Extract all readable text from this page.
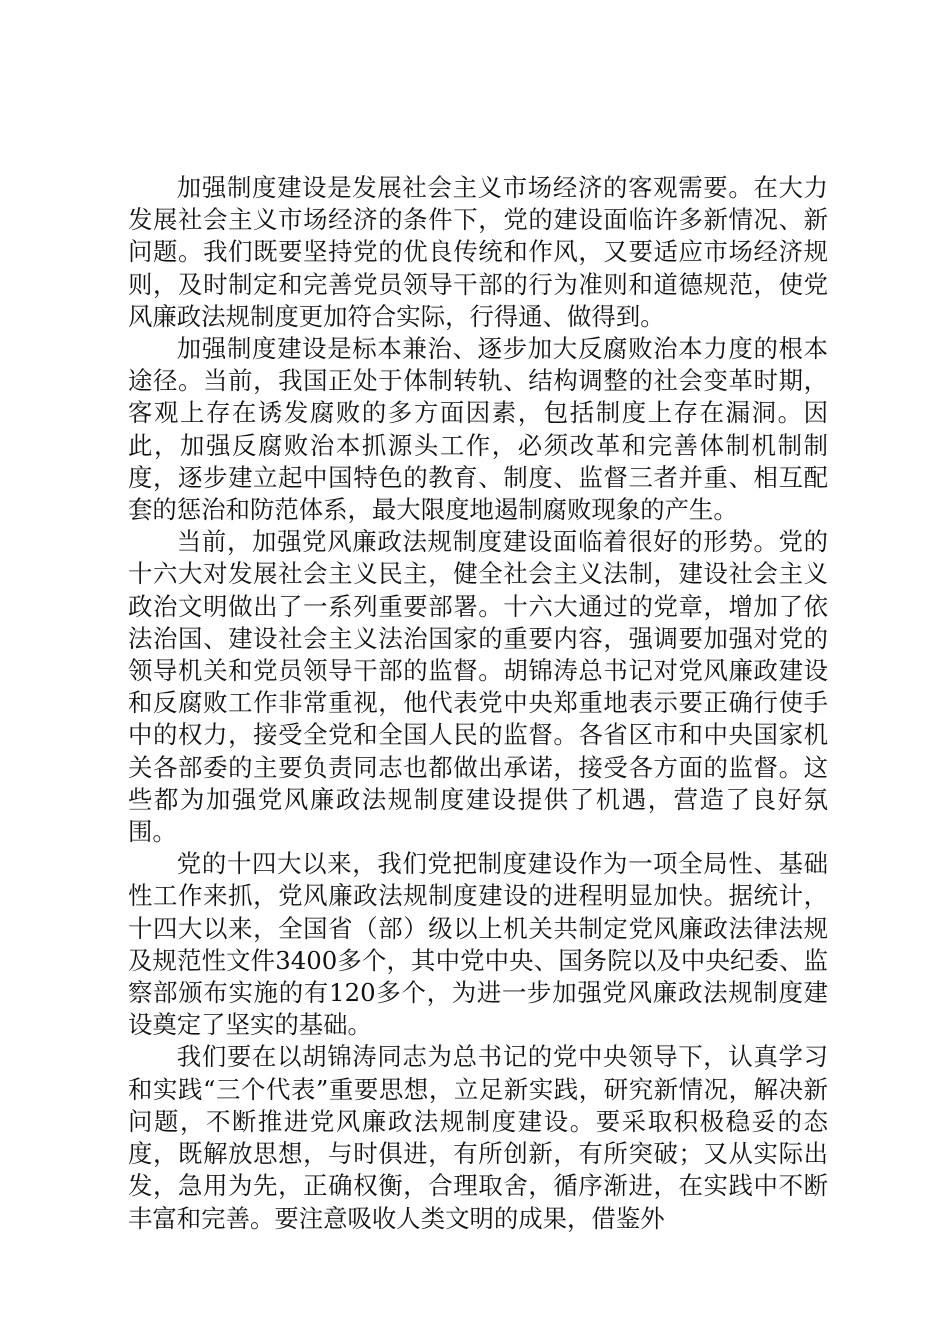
加强制度建设是发展社会主义市场经济的客观需要。在大力发展社会主义市场经济的条件下，党的建设面临许多新情况、新问题。我们既要坚持党的优良传统和作风，又要适应市场经济规则，及时制定和完善党员领导干部的行为准则和道德规范，使党风廉政法规制度更加符合实际，行得通、做得到。

加强制度建设是标本兼治、逐步加大反腐败治本力度的根本途径。当前，我国正处于体制转轨、结构调整的社会变革时期，客观上存在诱发腐败的多方面因素，包括制度上存在漏洞。因此，加强反腐败治本抓源头工作，必须改革和完善体制机制制度，逐步建立起中国特色的教育、制度、监督三者并重、相互配套的惩治和防范体系，最大限度地遏制腐败现象的产生。

当前，加强党风廉政法规制度建设面临着很好的形势。党的十六大对发展社会主义民主，健全社会主义法制，建设社会主义政治文明做出了一系列重要部署。十六大通过的党章，增加了依法治国、建设社会主义法治国家的重要内容，强调要加强对党的领导机关和党员领导干部的监督。胡锦涛总书记对党风廉政建设和反腐败工作非常重视，他代表党中央郑重地表示要正确行使手中的权力，接受全党和全国人民的监督。各省区市和中央国家机关各部委的主要负责同志也都做出承诺，接受各方面的监督。这些都为加强党风廉政法规制度建设提供了机遇，营造了良好氛围。

党的十四大以来，我们党把制度建设作为一项全局性、基础性工作来抓，党风廉政法规制度建设的进程明显加快。据统计，十四大以来，全国省（部）级以上机关共制定党风廉政法律法规及规范性文件3400多个，其中党中央、国务院以及中央纪委、监察部颁布实施的有120多个，为进一步加强党风廉政法规制度建设奠定了坚实的基础。

我们要在以胡锦涛同志为总书记的党中央领导下，认真学习和实践“三个代表”重要思想，立足新实践，研究新情况，解决新问题，不断推进党风廉政法规制度建设。要采取积极稳妥的态度，既解放思想，与时俱进，有所创新，有所突破；又从实际出发，急用为先，正确权衡，合理取舍，循序渐进，在实践中不断丰富和完善。要注意吸收人类文明的成果，借鉴外
